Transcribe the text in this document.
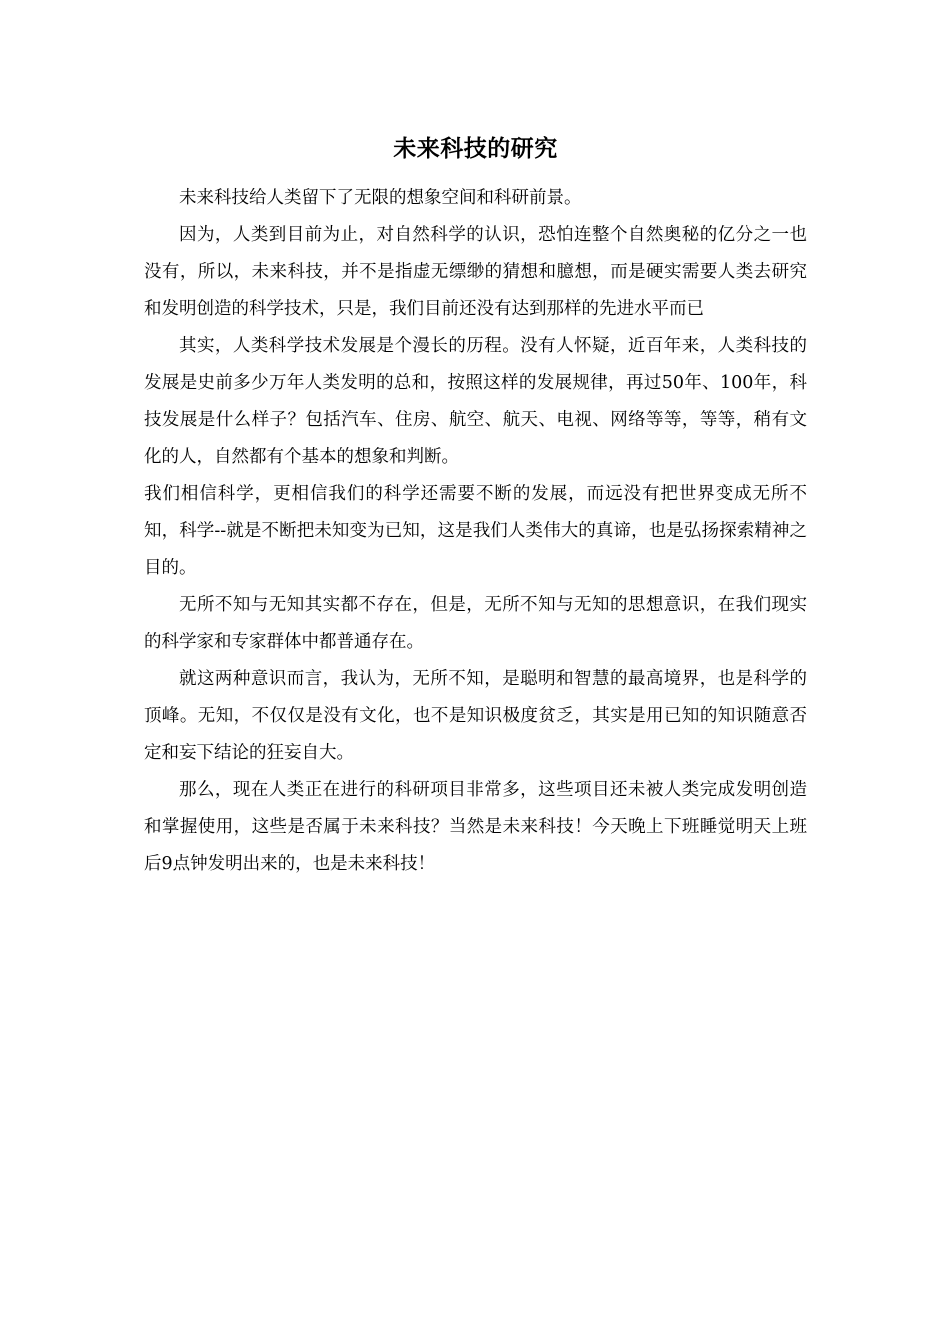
未来科技的研究

未来科技给人类留下了无限的想象空间和科研前景。

因为，人类到目前为止，对自然科学的认识，恐怕连整个自然奥秘的亿分之一也没有，所以，未来科技，并不是指虚无缥缈的猜想和臆想，而是硬实需要人类去研究和发明创造的科学技术，只是，我们目前还没有达到那样的先进水平而已

其实，人类科学技术发展是个漫长的历程。没有人怀疑，近百年来，人类科技的发展是史前多少万年人类发明的总和，按照这样的发展规律，再过50年、100年，科技发展是什么样子？包括汽车、住房、航空、航天、电视、网络等等，等等，稍有文化的人，自然都有个基本的想象和判断。

我们相信科学，更相信我们的科学还需要不断的发展，而远没有把世界变成无所不知，科学--就是不断把未知变为已知，这是我们人类伟大的真谛，也是弘扬探索精神之目的。

无所不知与无知其实都不存在，但是，无所不知与无知的思想意识，在我们现实的科学家和专家群体中都普通存在。

就这两种意识而言，我认为，无所不知，是聪明和智慧的最高境界，也是科学的顶峰。无知，不仅仅是没有文化，也不是知识极度贫乏，其实是用已知的知识随意否定和妄下结论的狂妄自大。

那么，现在人类正在进行的科研项目非常多，这些项目还未被人类完成发明创造和掌握使用，这些是否属于未来科技？当然是未来科技！今天晚上下班睡觉明天上班后9点钟发明出来的，也是未来科技！
